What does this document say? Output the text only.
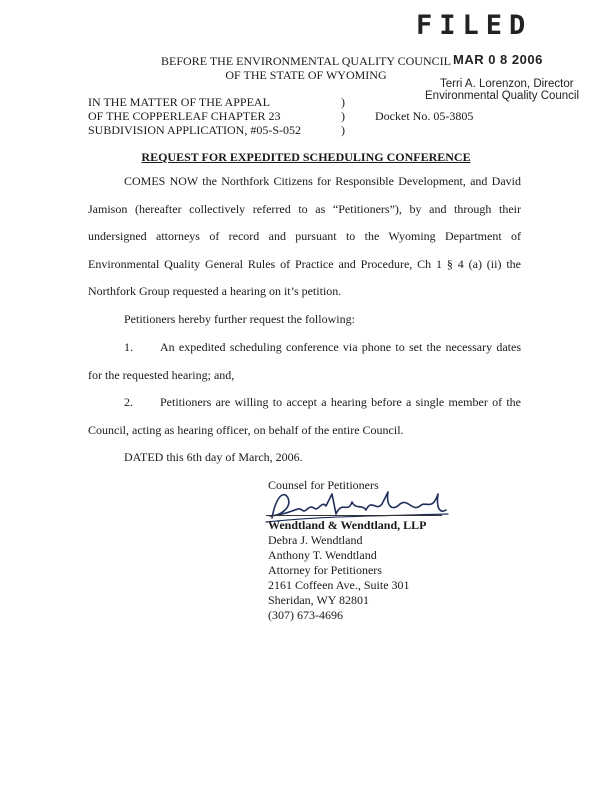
FILED
MAR 0 8 2006
Terri A. Lorenzon, Director
Environmental Quality Council
BEFORE THE ENVIRONMENTAL QUALITY COUNCIL
OF THE STATE OF WYOMING
IN THE MATTER OF THE APPEAL
OF THE COPPERLEAF CHAPTER 23
SUBDIVISION APPLICATION, #05-S-052
)
)
)
Docket No. 05-3805
REQUEST FOR EXPEDITED SCHEDULING CONFERENCE
COMES NOW the Northfork Citizens for Responsible Development, and David Jamison (hereafter collectively referred to as “Petitioners”), by and through their undersigned attorneys of record and pursuant to the Wyoming Department of Environmental Quality General Rules of Practice and Procedure, Ch 1 § 4 (a) (ii) the Northfork Group requested a hearing on it’s petition.
Petitioners hereby further request the following:
1. An expedited scheduling conference via phone to set the necessary dates for the requested hearing; and,
2. Petitioners are willing to accept a hearing before a single member of the Council, acting as hearing officer, on behalf of the entire Council.
DATED this 6th day of March, 2006.
Counsel for Petitioners
Wendtland & Wendtland, LLP
Debra J. Wendtland
Anthony T. Wendtland
Attorney for Petitioners
2161 Coffeen Ave., Suite 301
Sheridan, WY 82801
(307) 673-4696
